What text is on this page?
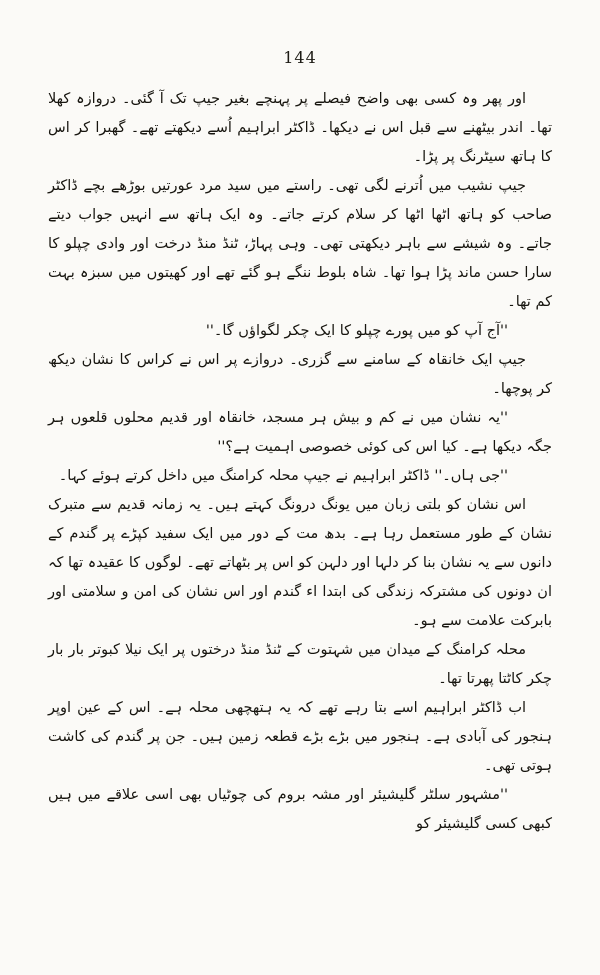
144

اور پھر وہ کسی بھی واضح فیصلے پر پہنچے بغیر جیپ تک آ گئی۔ دروازہ کھلا تھا۔ اندر بیٹھنے سے قبل اس نے دیکھا۔ ڈاکٹر ابراہیم اُسے دیکھتے تھے۔ گھبرا کر اس کا ہاتھ سیٹرنگ پر پڑا۔

جیپ نشیب میں اُترنے لگی تھی۔ راستے میں سید مرد عورتیں بوڑھے بچے ڈاکٹر صاحب کو ہاتھ اٹھا اٹھا کر سلام کرتے جاتے۔ وہ ایک ہاتھ سے انہیں جواب دیتے جاتے۔ وہ شیشے سے باہر دیکھتی تھی۔ وہی پہاڑ، ٹنڈ منڈ درخت اور وادی چپلو کا سارا حسن ماند پڑا ہوا تھا۔ شاہ بلوط ننگے ہو گئے تھے اور کھیتوں میں سبزہ بہت کم تھا۔

''آج آپ کو میں پورے چپلو کا ایک چکر لگواؤں گا۔''

جیپ ایک خانقاہ کے سامنے سے گزری۔ دروازے پر اس نے کراس کا نشان دیکھ کر پوچھا۔

''یہ نشان میں نے کم و بیش ہر مسجد، خانقاہ اور قدیم محلوں قلعوں ہر جگہ دیکھا ہے۔ کیا اس کی کوئی خصوصی اہمیت ہے؟''

''جی ہاں۔'' ڈاکٹر ابراہیم نے جیپ محلہ کرامنگ میں داخل کرتے ہوئے کہا۔

اس نشان کو بلتی زبان میں یونگ درونگ کہتے ہیں۔ یہ زمانہ قدیم سے متبرک نشان کے طور مستعمل رہا ہے۔ بدھ مت کے دور میں ایک سفید کپڑے پر گندم کے دانوں سے یہ نشان بنا کر دلہا اور دلہن کو اس پر بٹھاتے تھے۔ لوگوں کا عقیدہ تھا کہ ان دونوں کی مشترکہ زندگی کی ابتدا اء گندم اور اس نشان کی امن و سلامتی اور بابرکت علامت سے ہو۔

محلہ کرامنگ کے میدان میں شہتوت کے ٹنڈ منڈ درختوں پر ایک نیلا کبوتر بار بار چکر کاٹتا پھرتا تھا۔

اب ڈاکٹر ابراہیم اسے بتا رہے تھے کہ یہ ہتھچھی محلہ ہے۔ اس کے عین اوپر ہنجور کی آبادی ہے۔ ہنجور میں بڑے بڑے قطعہ زمین ہیں۔ جن پر گندم کی کاشت ہوتی تھی۔

''مشہور سلٹر گلیشیئر اور مشہ بروم کی چوٹیاں بھی اسی علاقے میں ہیں کبھی کسی گلیشیئر کو
